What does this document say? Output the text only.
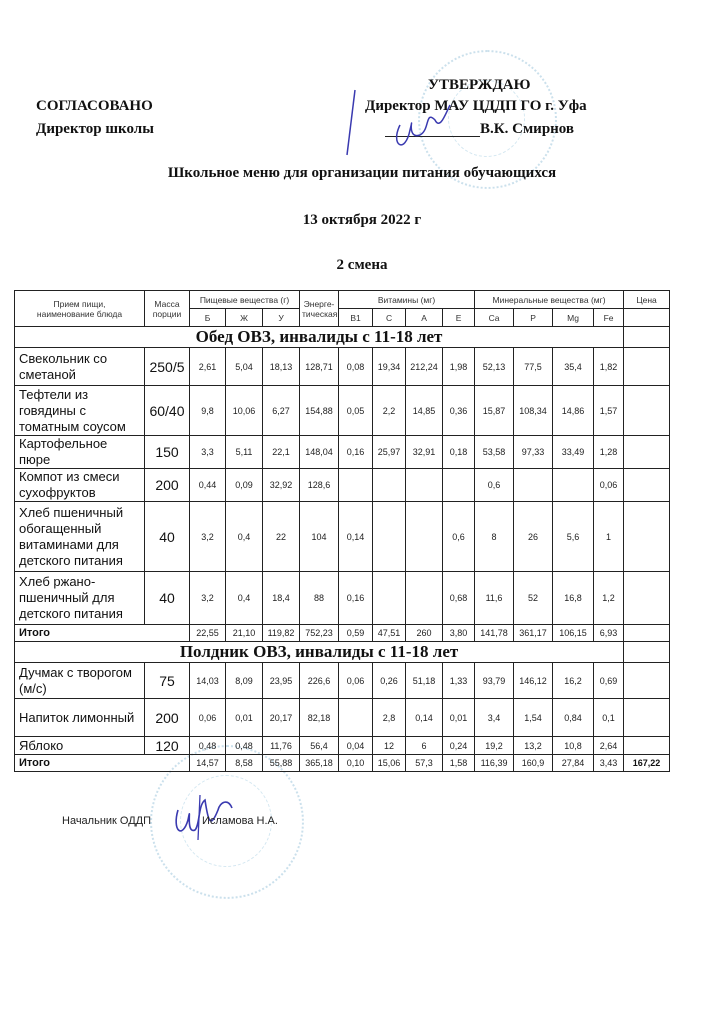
СОГЛАСОВАНО
Директор школы
УТВЕРЖДАЮ
Директор МАУ ЦДДП ГО г. Уфа
В.К. Смирнов
Школьное меню для организации питания обучающихся
13 октября 2022 г
2 смена
Прием пищи, наименование блюда	Масса порции	Пищевые вещества (г)			Энерге-тическая	Витамины (мг)				Минеральные вещества (мг)				Цена
		Б	Ж	У		B1	C	A	E	Ca	P	Mg	Fe	
Обед ОВЗ, инвалиды с 11-18 лет														
Свекольник со сметаной	250/5	2,61	5,04	18,13	128,71	0,08	19,34	212,24	1,98	52,13	77,5	35,4	1,82	
Тефтели из говядины с томатным соусом	60/40	9,8	10,06	6,27	154,88	0,05	2,2	14,85	0,36	15,87	108,34	14,86	1,57	
Картофельное пюре	150	3,3	5,11	22,1	148,04	0,16	25,97	32,91	0,18	53,58	97,33	33,49	1,28	
Компот из смеси сухофруктов	200	0,44	0,09	32,92	128,6					0,6			0,06	
Хлеб пшеничный обогащенный витаминами для детского питания	40	3,2	0,4	22	104	0,14			0,6	8	26	5,6	1	
Хлеб ржано-пшеничный для детского питания	40	3,2	0,4	18,4	88	0,16			0,68	11,6	52	16,8	1,2	
Итого		22,55	21,10	119,82	752,23	0,59	47,51	260	3,80	141,78	361,17	106,15	6,93	
Полдник ОВЗ, инвалиды с 11-18 лет														
Дучмак с творогом (м/с)	75	14,03	8,09	23,95	226,6	0,06	0,26	51,18	1,33	93,79	146,12	16,2	0,69	
Напиток лимонный	200	0,06	0,01	20,17	82,18		2,8	0,14	0,01	3,4	1,54	0,84	0,1	
Яблоко	120	0,48	0,48	11,76	56,4	0,04	12	6	0,24	19,2	13,2	10,8	2,64	
Итого		14,57	8,58	55,88	365,18	0,10	15,06	57,3	1,58	116,39	160,9	27,84	3,43	167,22
Начальник ОДДП	Исламова Н.А.
